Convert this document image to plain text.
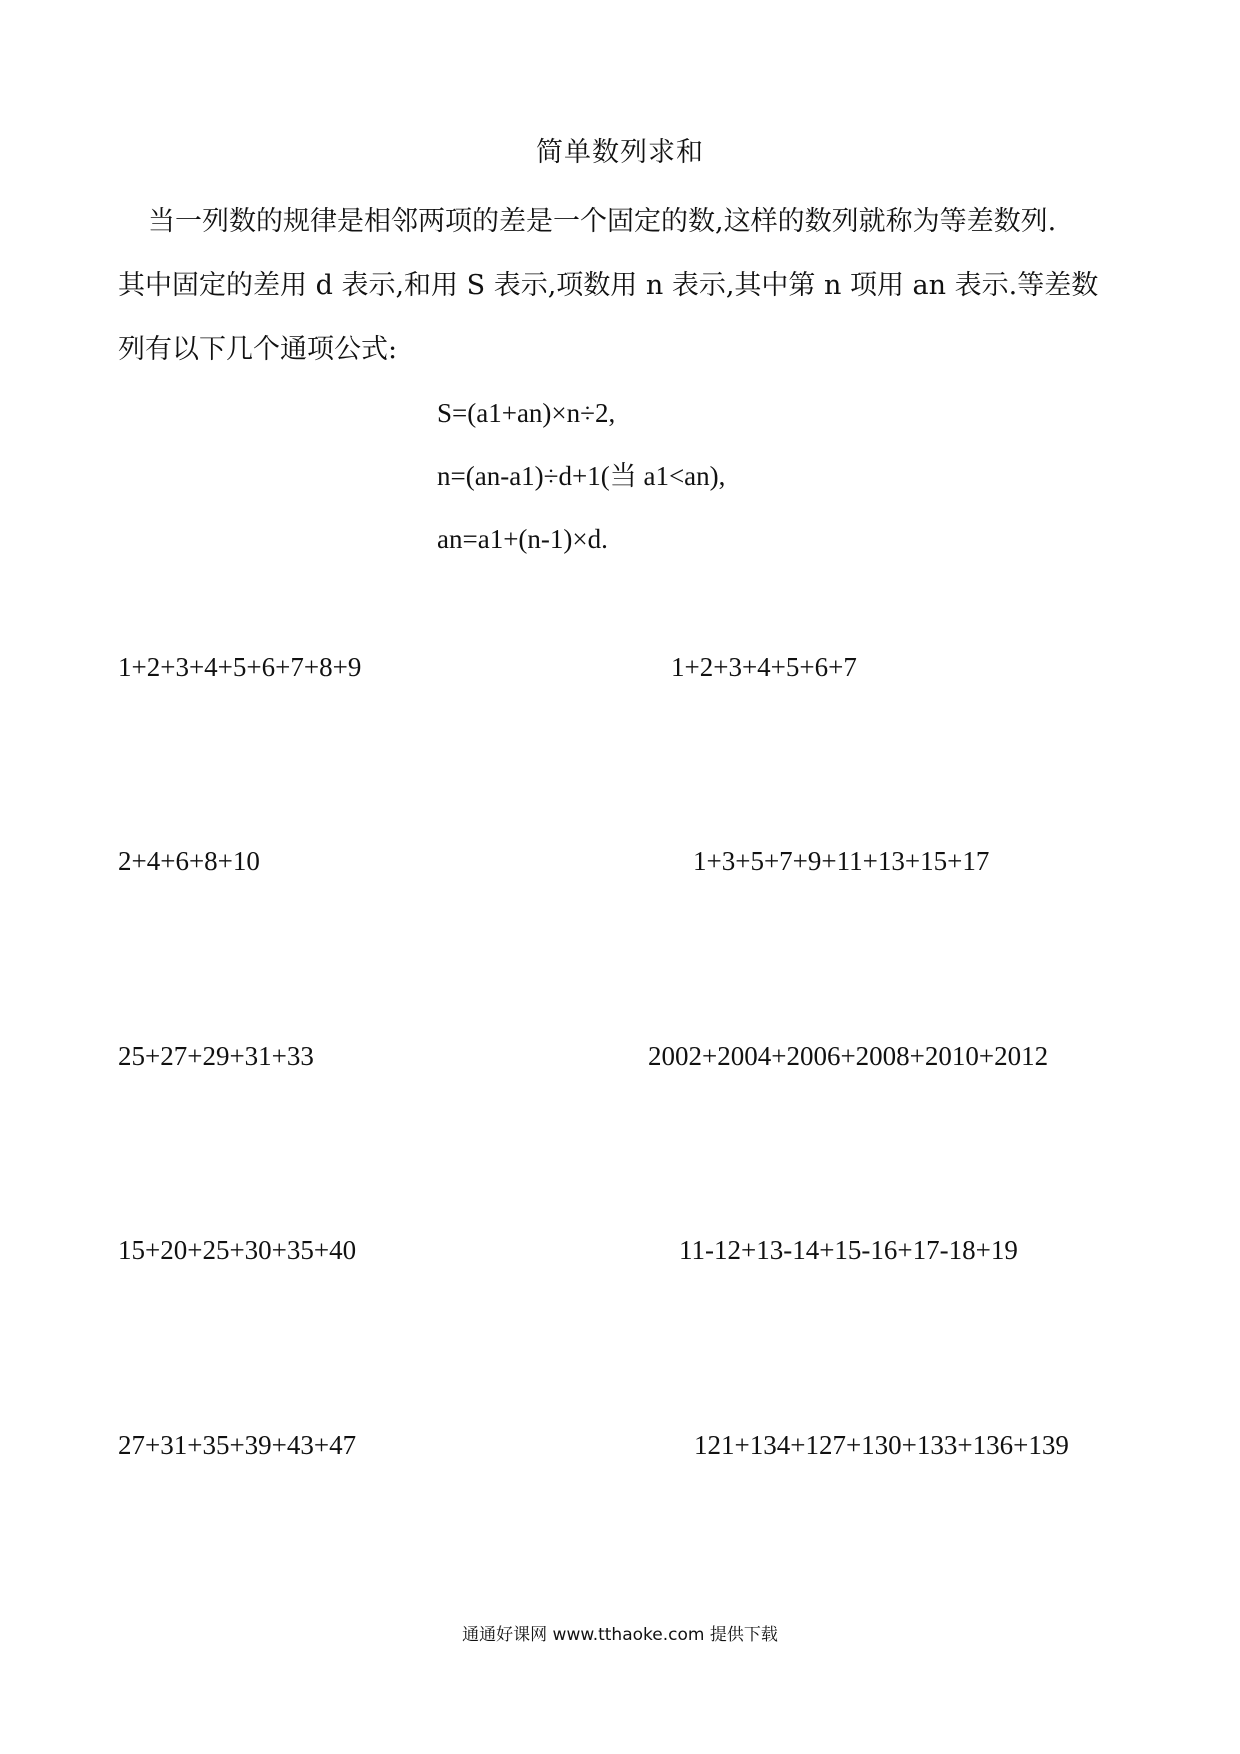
简单数列求和

当一列数的规律是相邻两项的差是一个固定的数,这样的数列就称为等差数列.

其中固定的差用 d 表示,和用 S 表示,项数用 n 表示,其中第 n 项用 an 表示.等差数

列有以下几个通项公式:

S=(a1+an)×n÷2,
n=(an-a1)÷d+1(当 a1<an),
an=a1+(n-1)×d.
1+2+3+4+5+6+7+8+9	1+2+3+4+5+6+7
2+4+6+8+10	1+3+5+7+9+11+13+15+17
25+27+29+31+33	2002+2004+2006+2008+2010+2012
15+20+25+30+35+40	11-12+13-14+15-16+17-18+19
27+31+35+39+43+47	121+134+127+130+133+136+139
通通好课网 www.tthaoke.com 提供下载
